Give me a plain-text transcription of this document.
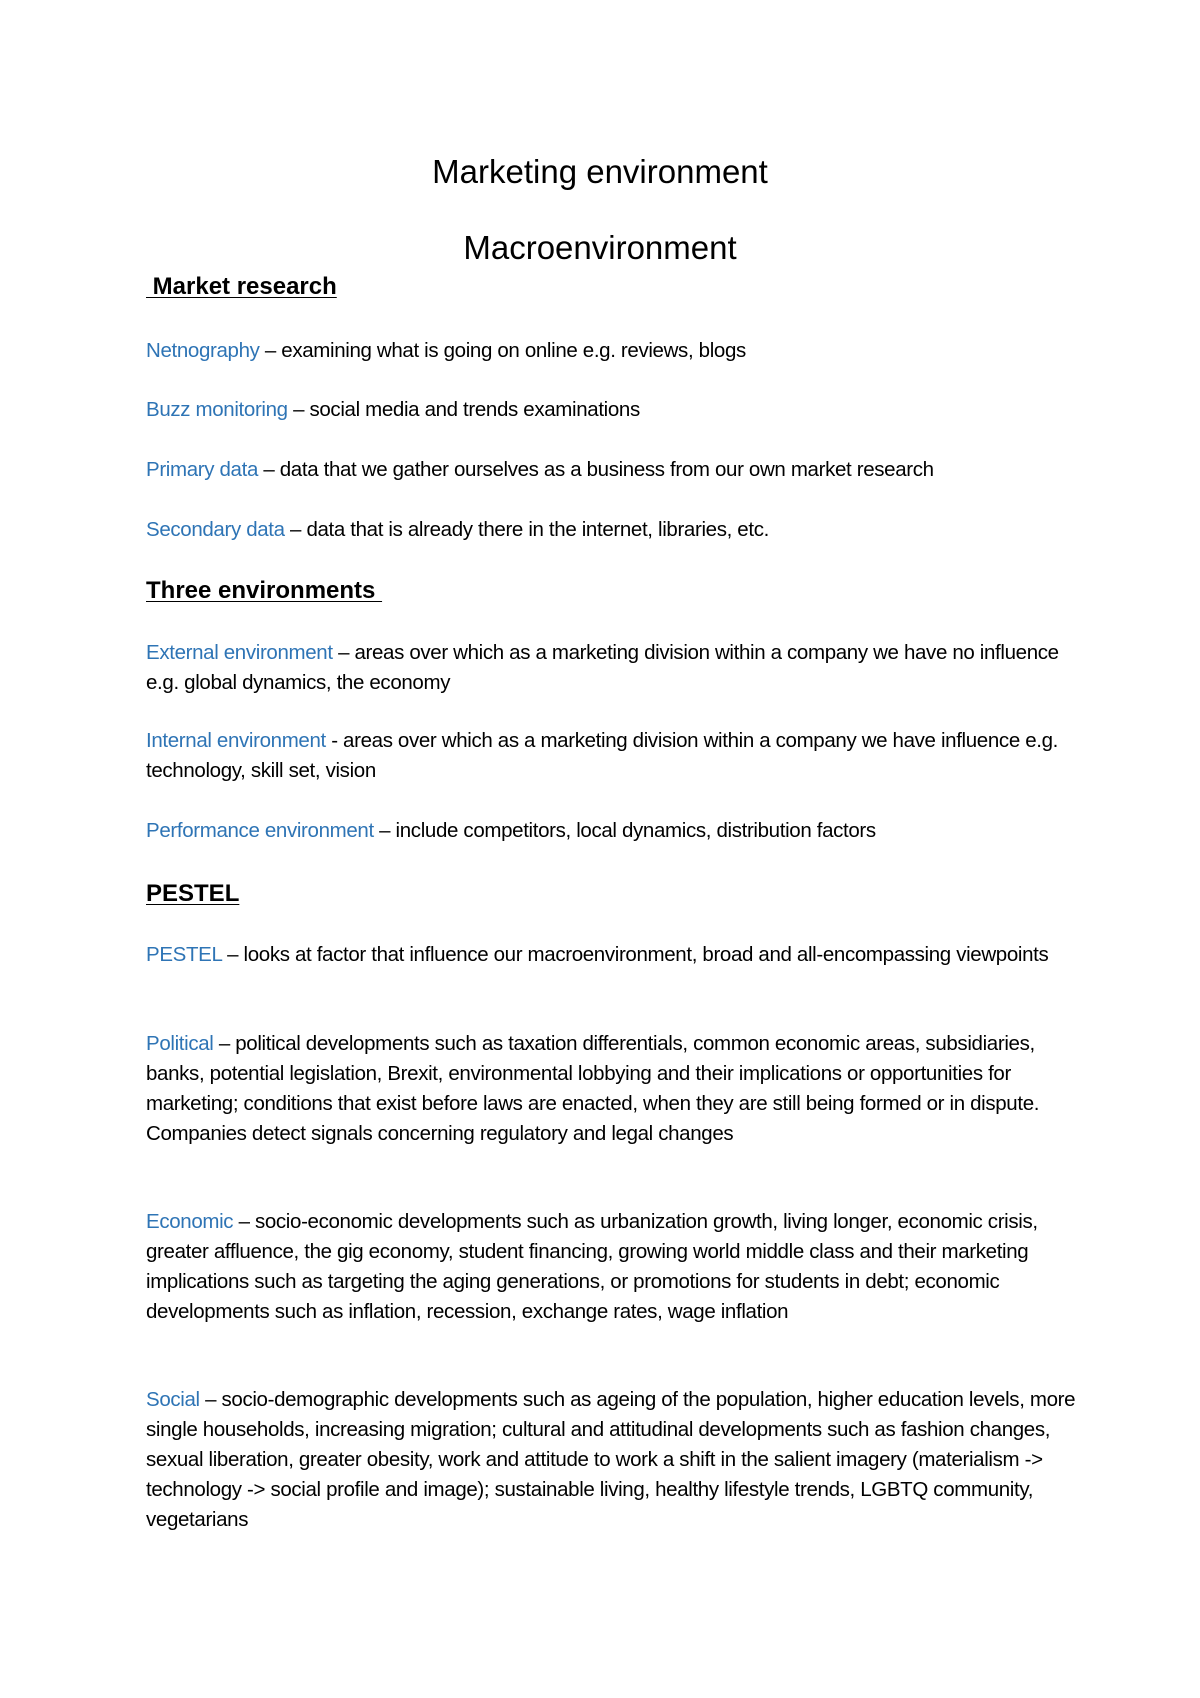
Marketing environment
Macroenvironment
Market research

Netnography – examining what is going on online e.g. reviews, blogs

Buzz monitoring – social media and trends examinations

Primary data – data that we gather ourselves as a business from our own market research

Secondary data – data that is already there in the internet, libraries, etc.

Three environments

External environment – areas over which as a marketing division within a company we have no influence e.g. global dynamics, the economy

Internal environment - areas over which as a marketing division within a company we have influence e.g. technology, skill set, vision

Performance environment – include competitors, local dynamics, distribution factors

PESTEL

PESTEL – looks at factor that influence our macroenvironment, broad and all-encompassing viewpoints

Political – political developments such as taxation differentials, common economic areas, subsidiaries, banks, potential legislation, Brexit, environmental lobbying and their implications or opportunities for marketing; conditions that exist before laws are enacted, when they are still being formed or in dispute. Companies detect signals concerning regulatory and legal changes

Economic – socio-economic developments such as urbanization growth, living longer, economic crisis, greater affluence, the gig economy, student financing, growing world middle class and their marketing implications such as targeting the aging generations, or promotions for students in debt; economic developments such as inflation, recession, exchange rates, wage inflation

Social – socio-demographic developments such as ageing of the population, higher education levels, more single households, increasing migration; cultural and attitudinal developments such as fashion changes, sexual liberation, greater obesity, work and attitude to work a shift in the salient imagery (materialism -> technology -> social profile and image); sustainable living, healthy lifestyle trends, LGBTQ community, vegetarians
